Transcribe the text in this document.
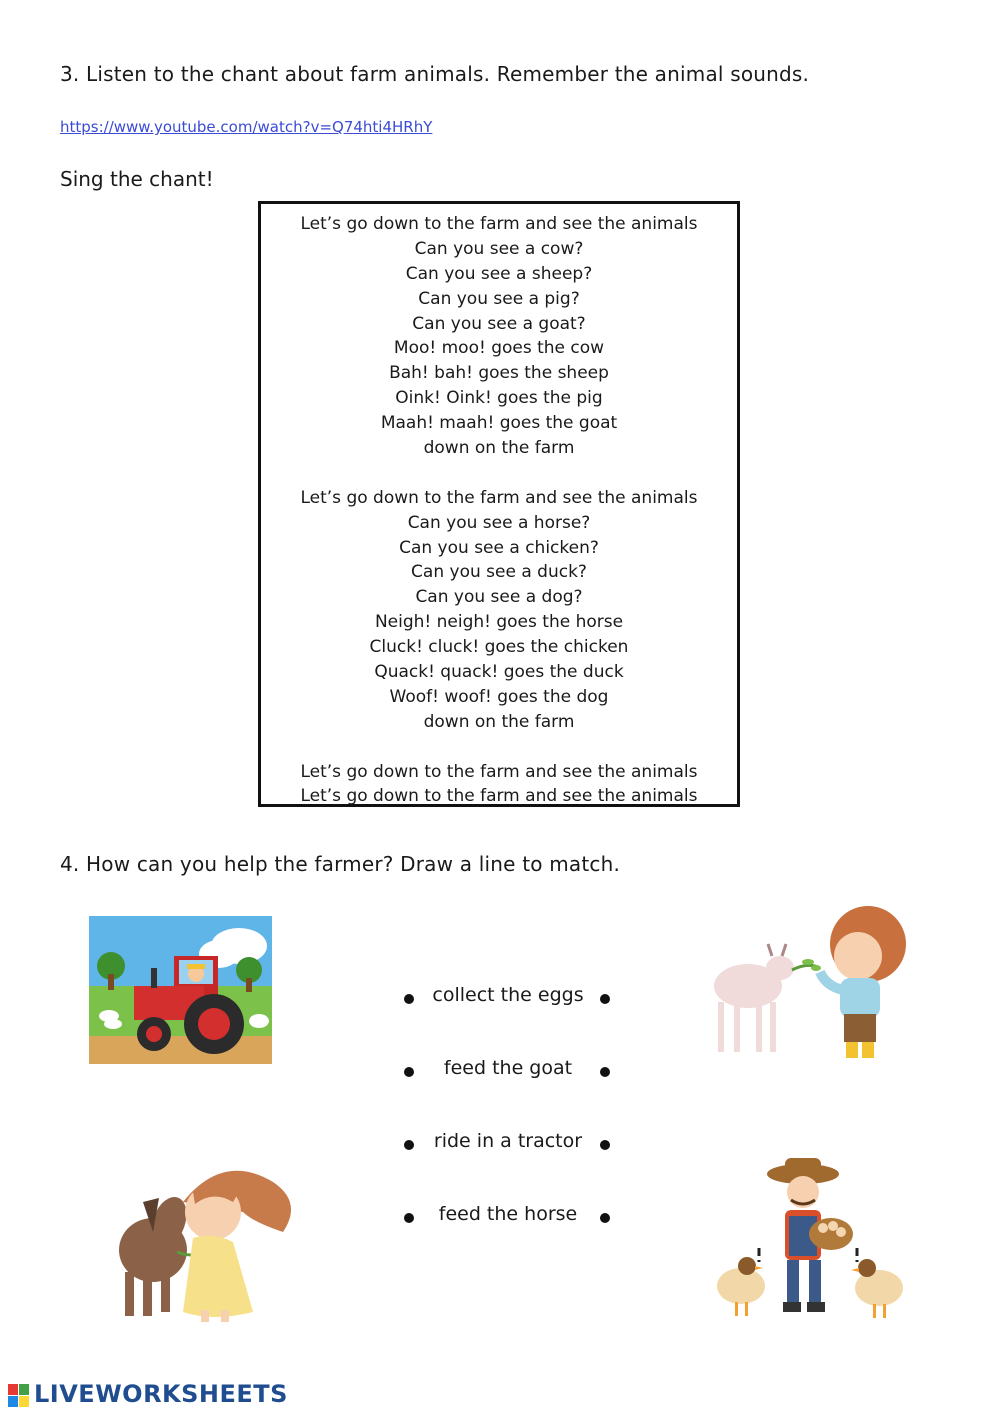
3. Listen to the chant about farm animals. Remember the animal sounds.
https://www.youtube.com/watch?v=Q74hti4HRhY
Sing the chant!
Let’s go down to the farm and see the animals
Can you see a cow?
Can you see a sheep?
Can you see a pig?
Can you see a goat?
Moo! moo! goes the cow
Bah! bah! goes the sheep
Oink! Oink! goes the pig
Maah! maah! goes the goat
down on the farm
Let’s go down to the farm and see the animals
Can you see a horse?
Can you see a chicken?
Can you see a duck?
Can you see a dog?
Neigh! neigh! goes the horse
Cluck! cluck! goes the chicken
Quack! quack! goes the duck
Woof! woof! goes the dog
down on the farm
Let’s go down to the farm and see the animals
Let’s go down to the farm and see the animals
4. How can you help the farmer? Draw a line to match.
collect the eggs
feed the goat
ride in a tractor
feed the horse
LIVEWORKSHEETS
